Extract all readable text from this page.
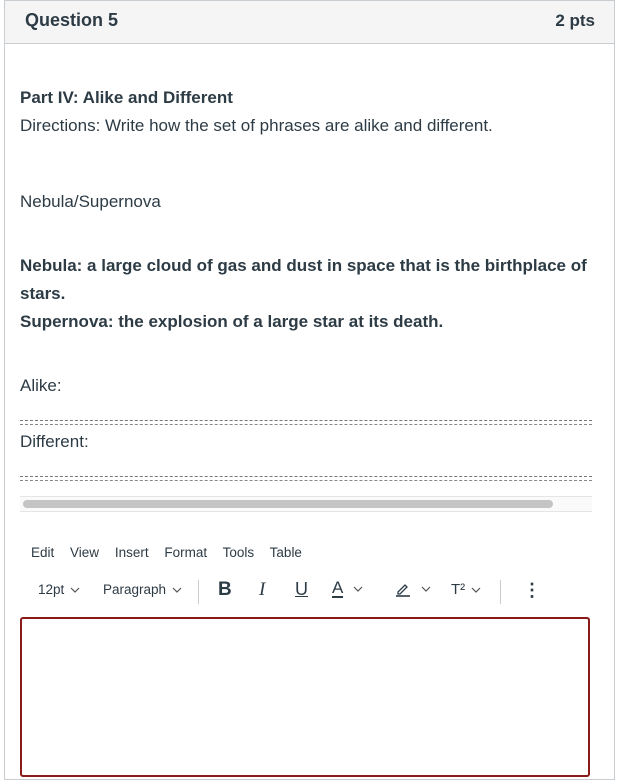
Question 5	2 pts
Part IV: Alike and Different
Directions: Write how the set of phrases are alike and different.
Nebula/Supernova
Nebula: a large cloud of gas and dust in space that is the birthplace of
stars.
Supernova: the explosion of a large star at its death.
Alike:
Different:
Edit View Insert Format Tools Table
12pt	Paragraph	B I U A	T²	⋮
